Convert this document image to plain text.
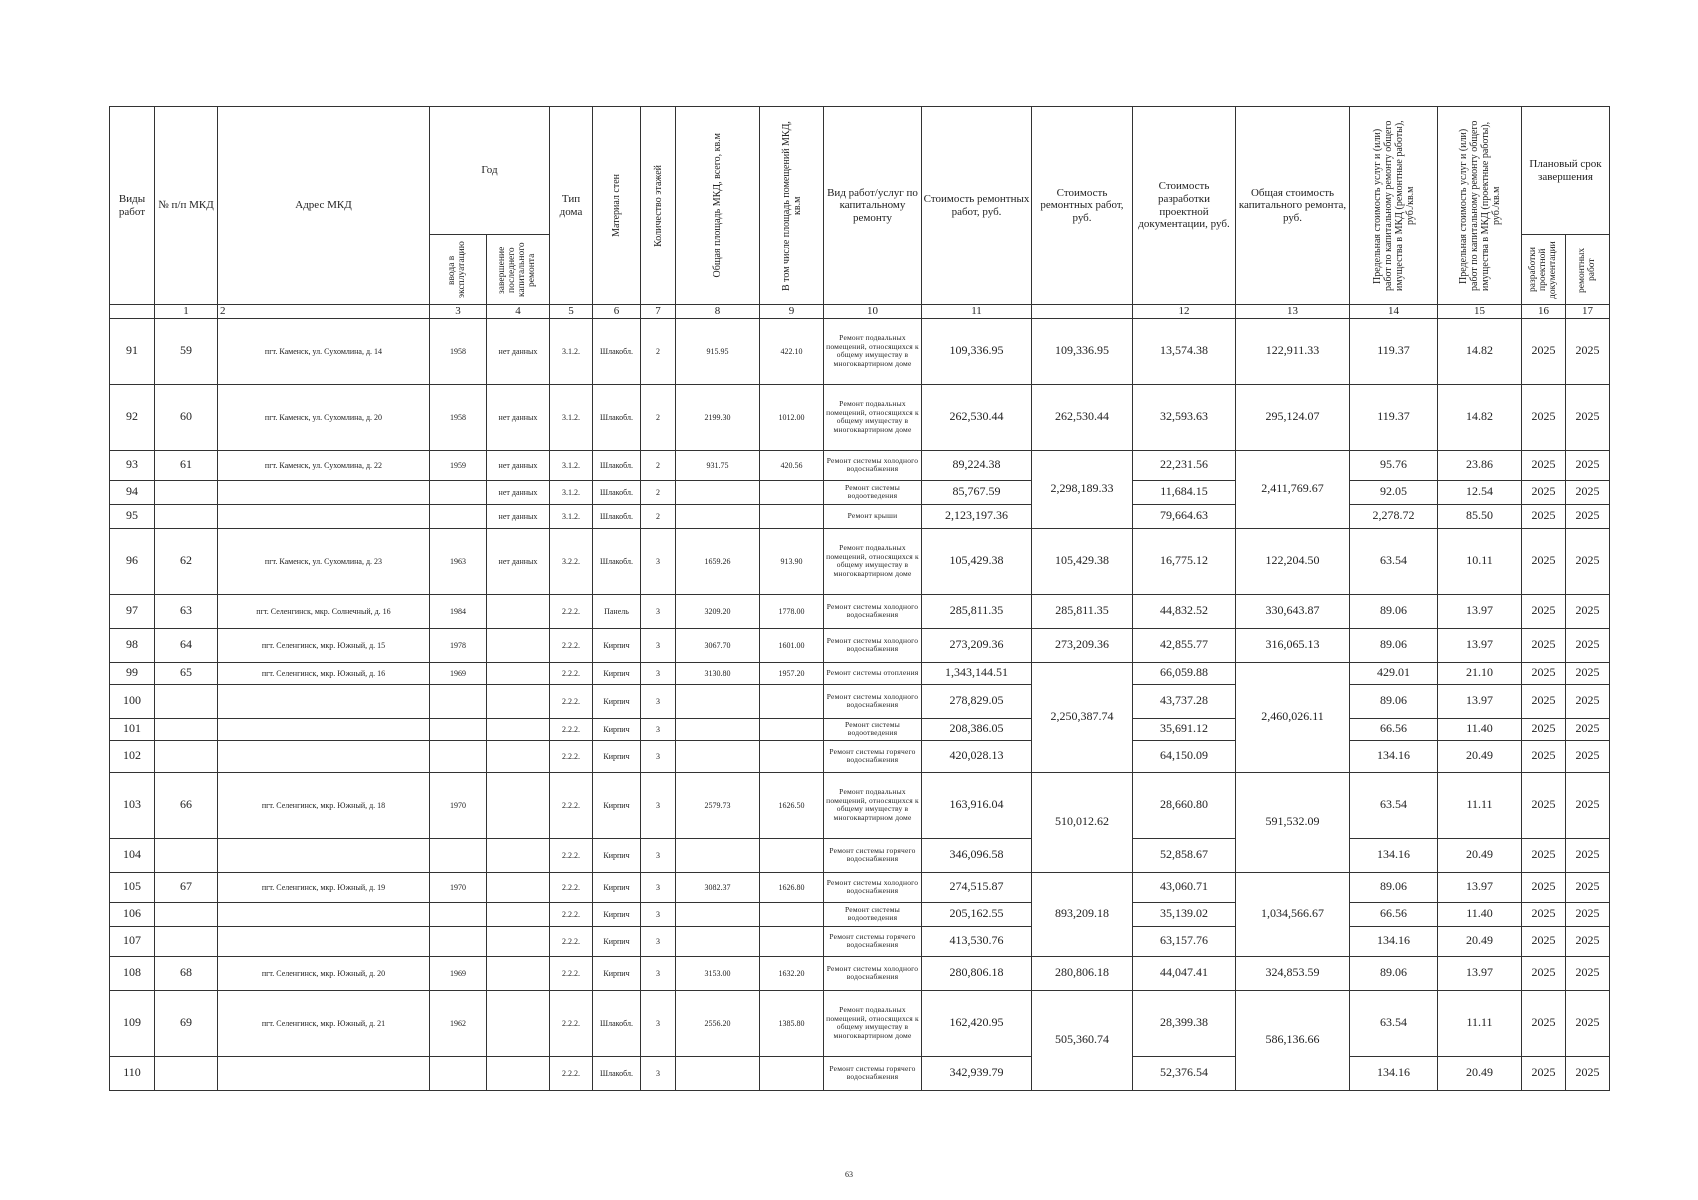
Виды работ	№ п/п МКД	Адрес МКД	Год		Тип дома	Материал стен	Количество этажей	Общая площадь МКД, всего, кв.м	В том числе площадь помещений МКД, кв.м	Вид работ/услуг по капитальному ремонту	Стоимость ремонтных работ, руб.	Стоимость ремонтных работ, руб.	Стоимость разработки проектной документации, руб.	Общая стоимость капитального ремонта, руб.	Предельная стоимость услуг и (или) работ по капитальному ремонту общего имущества в МКД (ремонтные работы), руб./кв.м	Предельная стоимость услуг и (или) работ по капитальному ремонту общего имущества в МКД (проектные работы), руб./кв.м	Плановый срок завершения	

			ввода в эксплуатацию	завершение последнего капитального ремонта													разработки проектной документации	ремонтных работ

	1	2	3	4	5	6	7	8	9	10	11		12	13	14	15	16	17
91	59	пгт. Каменск, ул. Сухомлина, д. 14	1958	нет данных	3.1.2.	Шлакобл.	2	915.95	422.10	Ремонт подвальных помещений, относящихся к общему имуществу в многоквартирном доме	109,336.95	109,336.95	13,574.38	122,911.33	119.37	14.82	2025	2025
92	60	пгт. Каменск, ул. Сухомлина, д. 20	1958	нет данных	3.1.2.	Шлакобл.	2	2199.30	1012.00	Ремонт подвальных помещений, относящихся к общему имуществу в многоквартирном доме	262,530.44	262,530.44	32,593.63	295,124.07	119.37	14.82	2025	2025
93	61	пгт. Каменск, ул. Сухомлина, д. 22	1959	нет данных	3.1.2.	Шлакобл.	2	931.75	420.56	Ремонт системы холодного водоснабжения	89,224.38	2,298,189.33	22,231.56	2,411,769.67	95.76	23.86	2025	2025
94				нет данных	3.1.2.	Шлакобл.	2			Ремонт системы водоотведения	85,767.59		11,684.15		92.05	12.54	2025	2025
95				нет данных	3.1.2.	Шлакобл.	2			Ремонт крыши	2,123,197.36		79,664.63		2,278.72	85.50	2025	2025
96	62	пгт. Каменск, ул. Сухомлина, д. 23	1963	нет данных	3.2.2.	Шлакобл.	3	1659.26	913.90	Ремонт подвальных помещений, относящихся к общему имуществу в многоквартирном доме	105,429.38	105,429.38	16,775.12	122,204.50	63.54	10.11	2025	2025
97	63	пгт. Селенгинск, мкр. Солнечный, д. 16	1984		2.2.2.	Панель	3	3209.20	1778.00	Ремонт системы холодного водоснабжения	285,811.35	285,811.35	44,832.52	330,643.87	89.06	13.97	2025	2025
98	64	пгт. Селенгинск, мкр. Южный, д. 15	1978		2.2.2.	Кирпич	3	3067.70	1601.00	Ремонт системы холодного водоснабжения	273,209.36	273,209.36	42,855.77	316,065.13	89.06	13.97	2025	2025
99	65	пгт. Селенгинск, мкр. Южный, д. 16	1969		2.2.2.	Кирпич	3	3130.80	1957.20	Ремонт системы отопления	1,343,144.51	2,250,387.74	66,059.88	2,460,026.11	429.01	21.10	2025	2025
100					2.2.2.	Кирпич	3			Ремонт системы холодного водоснабжения	278,829.05		43,737.28		89.06	13.97	2025	2025
101					2.2.2.	Кирпич	3			Ремонт системы водоотведения	208,386.05		35,691.12		66.56	11.40	2025	2025
102					2.2.2.	Кирпич	3			Ремонт системы горячего водоснабжения	420,028.13		64,150.09		134.16	20.49	2025	2025
103	66	пгт. Селенгинск, мкр. Южный, д. 18	1970		2.2.2.	Кирпич	3	2579.73	1626.50	Ремонт подвальных помещений, относящихся к общему имуществу в многоквартирном доме	163,916.04	510,012.62	28,660.80	591,532.09	63.54	11.11	2025	2025
104					2.2.2.	Кирпич	3			Ремонт системы горячего водоснабжения	346,096.58		52,858.67		134.16	20.49	2025	2025
105	67	пгт. Селенгинск, мкр. Южный, д. 19	1970		2.2.2.	Кирпич	3	3082.37	1626.80	Ремонт системы холодного водоснабжения	274,515.87	893,209.18	43,060.71	1,034,566.67	89.06	13.97	2025	2025
106					2.2.2.	Кирпич	3			Ремонт системы водоотведения	205,162.55		35,139.02		66.56	11.40	2025	2025
107					2.2.2.	Кирпич	3			Ремонт системы горячего водоснабжения	413,530.76		63,157.76		134.16	20.49	2025	2025
108	68	пгт. Селенгинск, мкр. Южный, д. 20	1969		2.2.2.	Кирпич	3	3153.00	1632.20	Ремонт системы холодного водоснабжения	280,806.18	280,806.18	44,047.41	324,853.59	89.06	13.97	2025	2025
109	69	пгт. Селенгинск, мкр. Южный, д. 21	1962		2.2.2.	Шлакобл.	3	2556.20	1385.80	Ремонт подвальных помещений, относящихся к общему имуществу в многоквартирном доме	162,420.95	505,360.74	28,399.38	586,136.66	63.54	11.11	2025	2025
110					2.2.2.	Шлакобл.	3			Ремонт системы горячего водоснабжения	342,939.79		52,376.54		134.16	20.49	2025	2025
63
